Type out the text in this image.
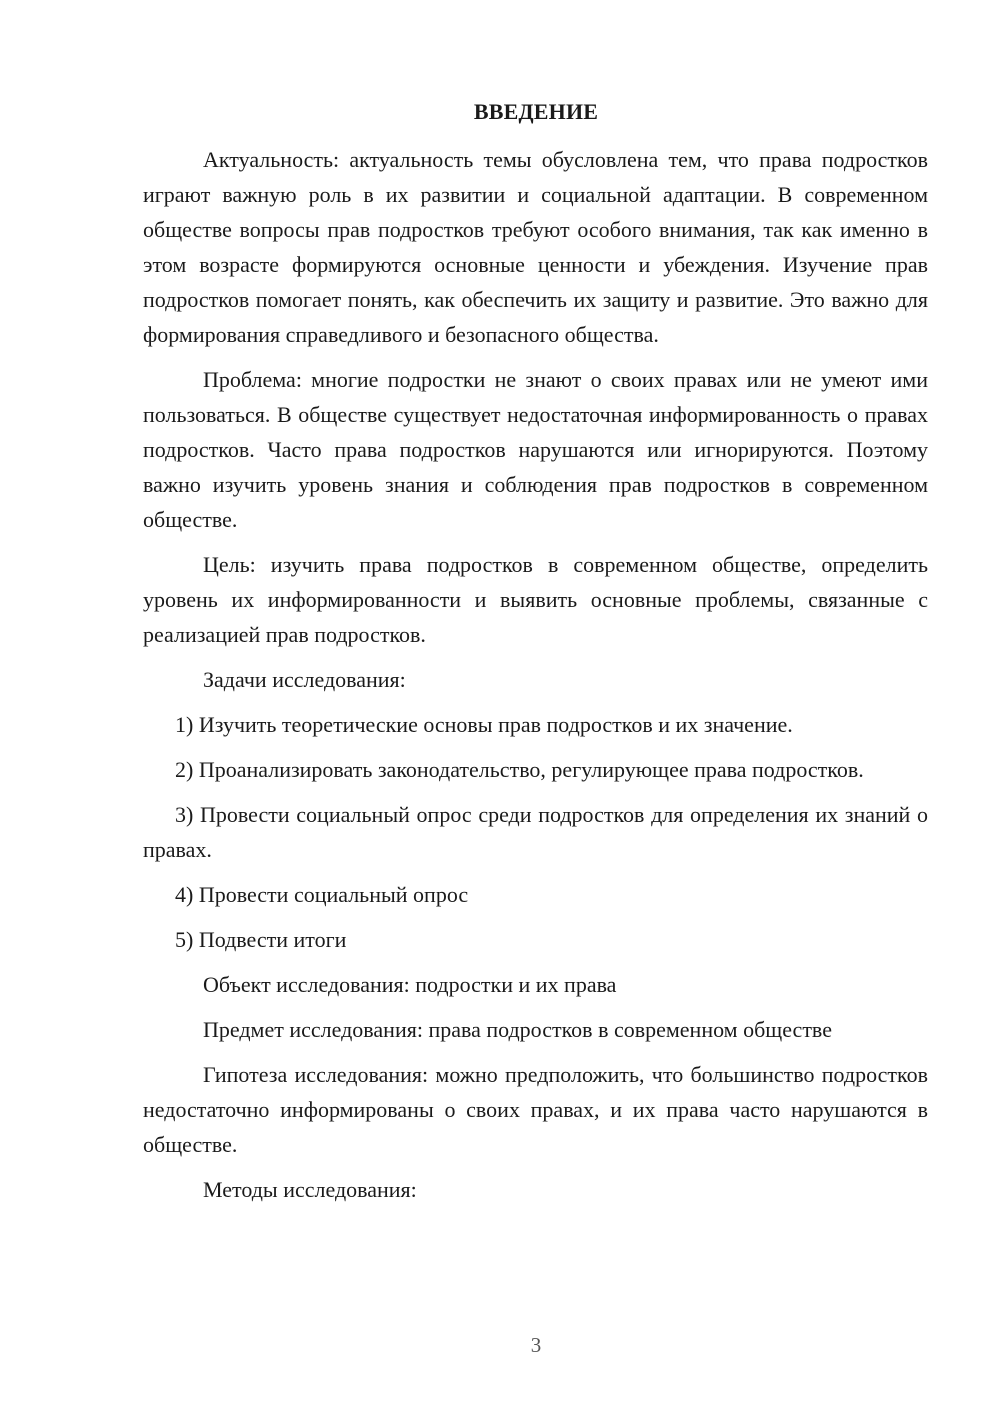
ВВЕДЕНИЕ

Актуальность: актуальность темы обусловлена тем, что права подростков играют важную роль в их развитии и социальной адаптации. В современном обществе вопросы прав подростков требуют особого внимания, так как именно в этом возрасте формируются основные ценности и убеждения. Изучение прав подростков помогает понять, как обеспечить их защиту и развитие. Это важно для формирования справедливого и безопасного общества.

Проблема: многие подростки не знают о своих правах или не умеют ими пользоваться. В обществе существует недостаточная информированность о правах подростков. Часто права подростков нарушаются или игнорируются. Поэтому важно изучить уровень знания и соблюдения прав подростков в современном обществе.

Цель: изучить права подростков в современном обществе, определить уровень их информированности и выявить основные проблемы, связанные с реализацией прав подростков.

Задачи исследования:

1) Изучить теоретические основы прав подростков и их значение.

2) Проанализировать законодательство, регулирующее права подростков.

3) Провести социальный опрос среди подростков для определения их знаний о правах.

4) Провести социальный опрос

5) Подвести итоги

Объект исследования: подростки и их права

Предмет исследования: права подростков в современном обществе

Гипотеза исследования: можно предположить, что большинство подростков недостаточно информированы о своих правах, и их права часто нарушаются в обществе.

Методы исследования:

3
